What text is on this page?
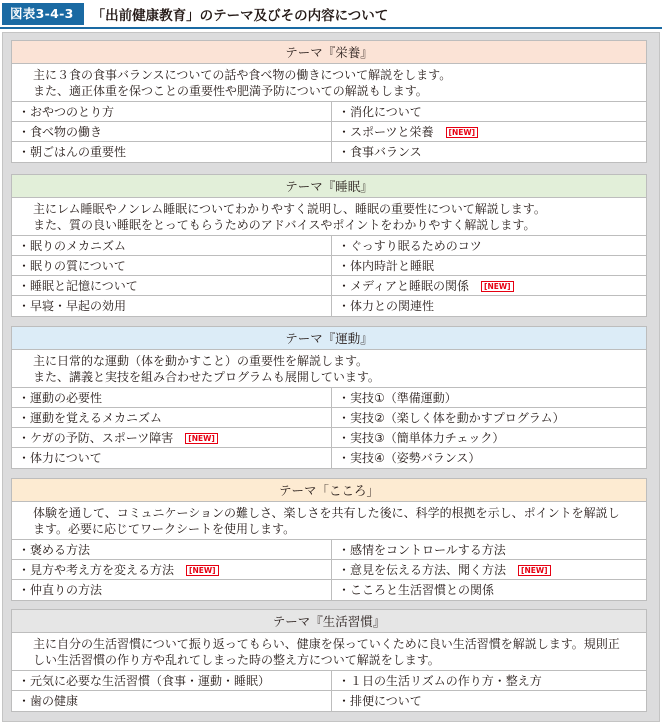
図表3-4-3	「出前健康教育」のテーマ及びその内容について
テーマ『栄養』
主に３食の食事バランスについての話や食べ物の働きについて解説をします。
また、適正体重を保つことの重要性や肥満予防についての解説もします。
・おやつのとり方	・消化について
・食べ物の働き	・スポーツと栄養 [NEW]
・朝ごはんの重要性	・食事バランス
テーマ『睡眠』
主にレム睡眠やノンレム睡眠についてわかりやすく説明し、睡眠の重要性について解説します。
また、質の良い睡眠をとってもらうためのアドバイスやポイントをわかりやすく解説します。
・眠りのメカニズム	・ぐっすり眠るためのコツ
・眠りの質について	・体内時計と睡眠
・睡眠と記憶について	・メディアと睡眠の関係 [NEW]
・早寝・早起の効用	・体力との関連性
テーマ『運動』
主に日常的な運動（体を動かすこと）の重要性を解説します。
また、講義と実技を組み合わせたプログラムも展開しています。
・運動の必要性	・実技①（準備運動）
・運動を覚えるメカニズム	・実技②（楽しく体を動かすプログラム）
・ケガの予防、スポーツ障害 [NEW]	・実技③（簡単体力チェック）
・体力について	・実技④（姿勢バランス）
テーマ「こころ」
体験を通して、コミュニケーションの難しさ、楽しさを共有した後に、科学的根拠を示し、ポイントを解説し
ます。必要に応じてワークシートを使用します。
・褒める方法	・感情をコントロールする方法
・見方や考え方を変える方法 [NEW]	・意見を伝える方法、聞く方法 [NEW]
・仲直りの方法	・こころと生活習慣との関係
テーマ『生活習慣』
主に自分の生活習慣について振り返ってもらい、健康を保っていくために良い生活習慣を解説します。規則正
しい生活習慣の作り方や乱れてしまった時の整え方について解説をします。
・元気に必要な生活習慣（食事・運動・睡眠）	・１日の生活リズムの作り方・整え方
・歯の健康	・排便について
